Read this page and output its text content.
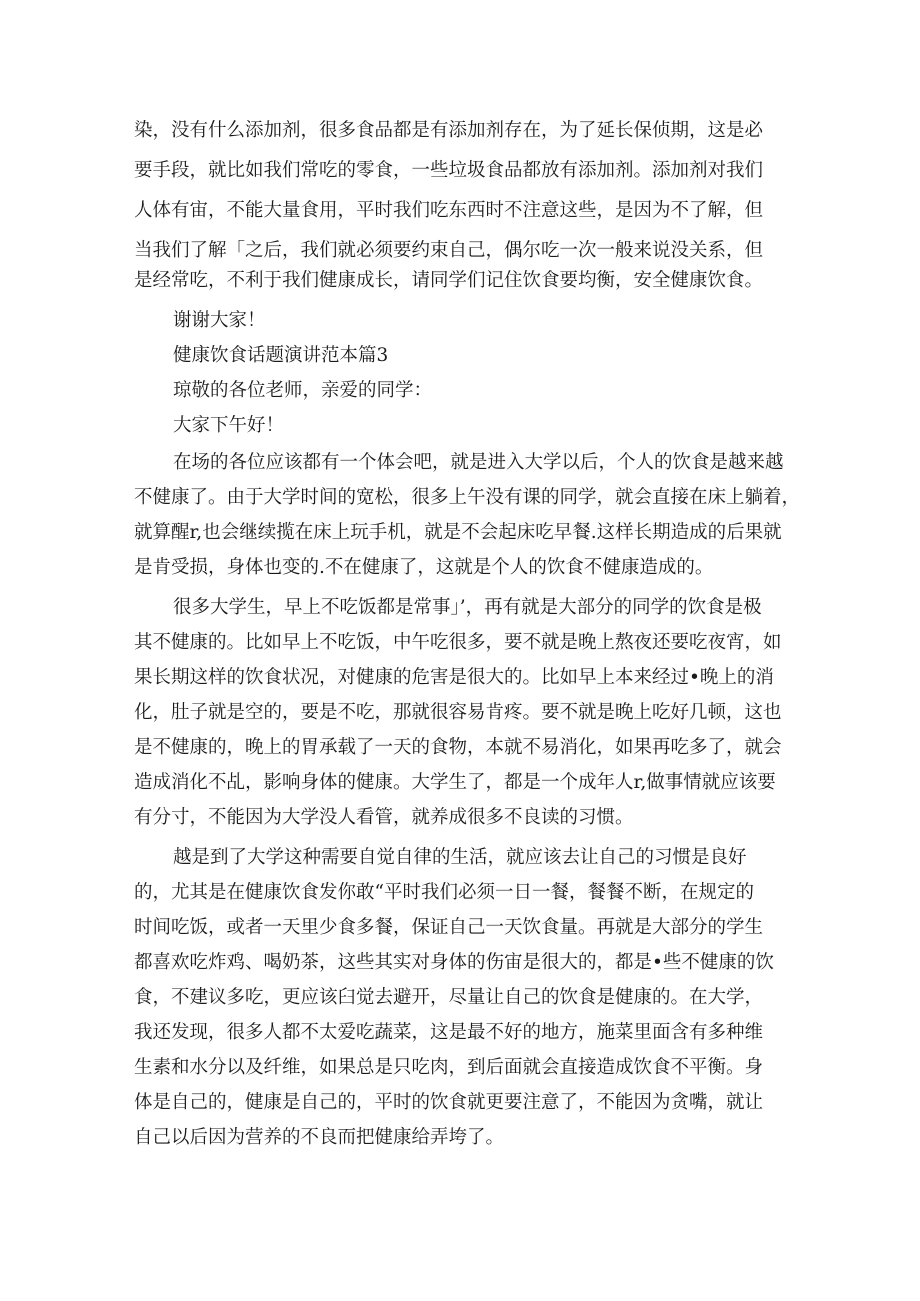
染，没有什么添加剂，很多食品都是有添加剂存在，为了延长保侦期，这是必
要手段，就比如我们常吃的零食，一些垃圾食品都放有添加剂。添加剂对我们
人体有宙，不能大量食用，平时我们吃东西时不注意这些，是因为不了解，但
当我们了解「之后，我们就必须要约束自己，偶尔吃一次一般来说没关系，但
是经常吃，不利于我们健康成长，请同学们记住饮食要均衡，安全健康饮食。
谢谢大家！
健康饮食话题演讲范本篇3
琼敬的各位老师，亲爱的同学：
大家下午好！
在场的各位应该都有一个体会吧，就是进入大学以后，个人的饮食是越来越
不健康了。由于大学时间的宽松，很多上午没有课的同学，就会直接在床上躺着，
就算醒r,也会继续揽在床上玩手机，就是不会起床吃早餐.这样长期造成的后果就
是肯受损，身体也变的.不在健康了，这就是个人的饮食不健康造成的。
很多大学生，早上不吃饭都是常事」’，再有就是大部分的同学的饮食是极
其不健康的。比如早上不吃饭，中午吃很多，要不就是晚上熬夜还要吃夜宵，如
果长期这样的饮食状况，对健康的危害是很大的。比如早上本来经过•晚上的消
化，肚子就是空的，要是不吃，那就很容易肯疼。要不就是晚上吃好几顿，这也
是不健康的，晚上的胃承载了一天的食物，本就不易消化，如果再吃多了，就会
造成消化不乩，影响身体的健康。大学生了，都是一个成年人r,做事情就应该要
有分寸，不能因为大学没人看管，就养成很多不良读的习惯。
越是到了大学这种需要自觉自律的生活，就应该去让自己的习惯是良好
的，尤其是在健康饮食发你敢“平时我们必须一日一餐，餐餐不断，在规定的
时间吃饭，或者一天里少食多餐，保证自己一天饮食量。再就是大部分的学生
都喜欢吃炸鸡、喝奶茶，这些其实对身体的伤宙是很大的，都是•些不健康的饮
食，不建议多吃，更应该臼觉去避开，尽量让自己的饮食是健康的。在大学，
我还发现，很多人都不太爱吃蔬菜，这是最不好的地方，施菜里面含有多种维
生素和水分以及纤维，如果总是只吃肉，到后面就会直接造成饮食不平衡。身
体是自己的，健康是自己的，平时的饮食就更要注意了，不能因为贪嘴，就让
自己以后因为营养的不良而把健康给弄垮了。
